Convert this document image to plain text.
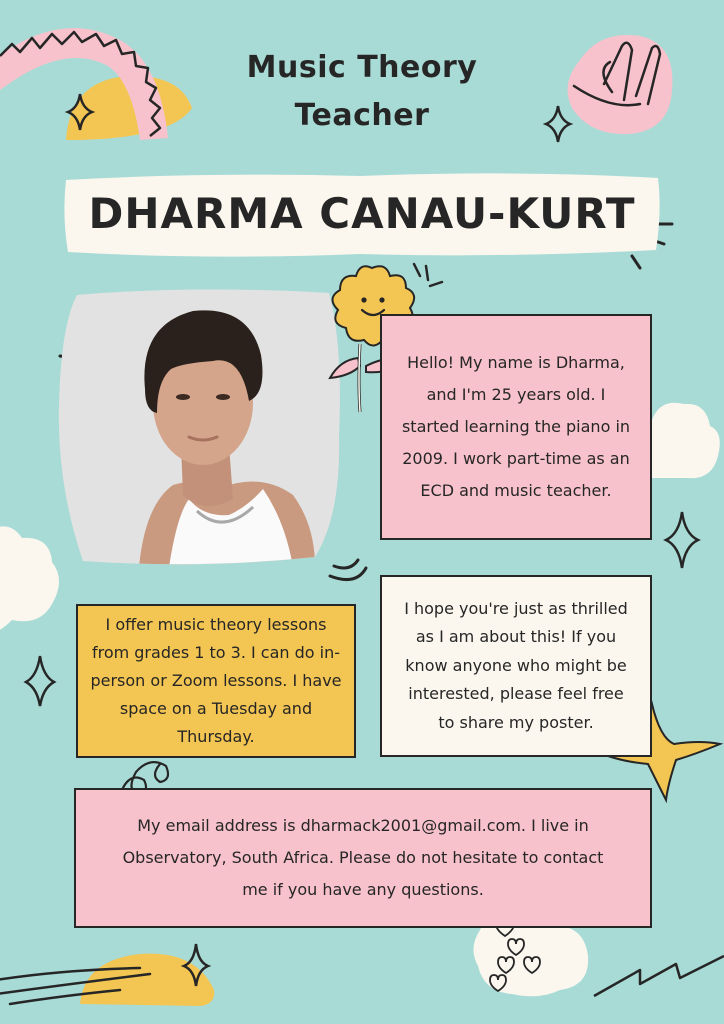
Music Theory Teacher
DHARMA CANAU-KURT
Hello! My name is Dharma, and I'm 25 years old. I started learning the piano in 2009. I work part-time as an ECD and music teacher.
I hope you're just as thrilled as I am about this! If you know anyone who might be interested, please feel free to share my poster.
I offer music theory lessons from grades 1 to 3. I can do in-person or Zoom lessons. I have space on a Tuesday and Thursday.
My email address is dharmack2001@gmail.com. I live in Observatory, South Africa. Please do not hesitate to contact me if you have any questions.
